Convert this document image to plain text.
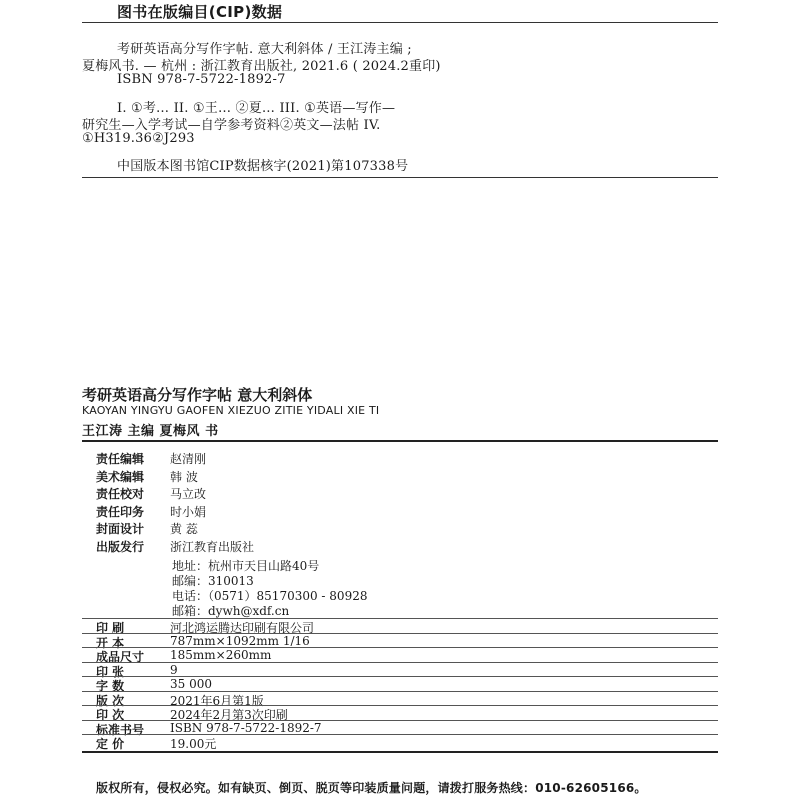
图书在版编目(CIP)数据
考研英语高分写作字帖. 意大利斜体 / 王江涛主编 ;
夏梅风书. — 杭州 : 浙江教育出版社, 2021.6 ( 2024.2重印)
ISBN 978-7-5722-1892-7
I. ①考… II. ①王… ②夏… III. ①英语—写作—
研究生—入学考试—自学参考资料②英文—法帖 IV.
①H319.36②J293
中国版本图书馆CIP数据核字(2021)第107338号
考研英语高分写作字帖 意大利斜体
KAOYAN YINGYU GAOFEN XIEZUO ZITIE YIDALI XIE TI
王江涛 主编 夏梅风 书
责任编辑	赵清刚
美术编辑	韩 波
责任校对	马立改
责任印务	时小娟
封面设计	黄 蕊
出版发行	浙江教育出版社
地址：杭州市天目山路40号
邮编：310013
电话：（0571）85170300 - 80928
邮箱：dywh@xdf.cn
版权所有，侵权必究。如有缺页、倒页、脱页等印装质量问题，请拨打服务热线：010-62605166。
印 刷	河北鸿运腾达印刷有限公司
开 本	787mm×1092mm 1/16
成品尺寸	185mm×260mm
印 张	9
字 数	35 000
版 次	2021年6月第1版
印 次	2024年2月第3次印刷
标准书号	ISBN 978-7-5722-1892-7
定 价	19.00元
